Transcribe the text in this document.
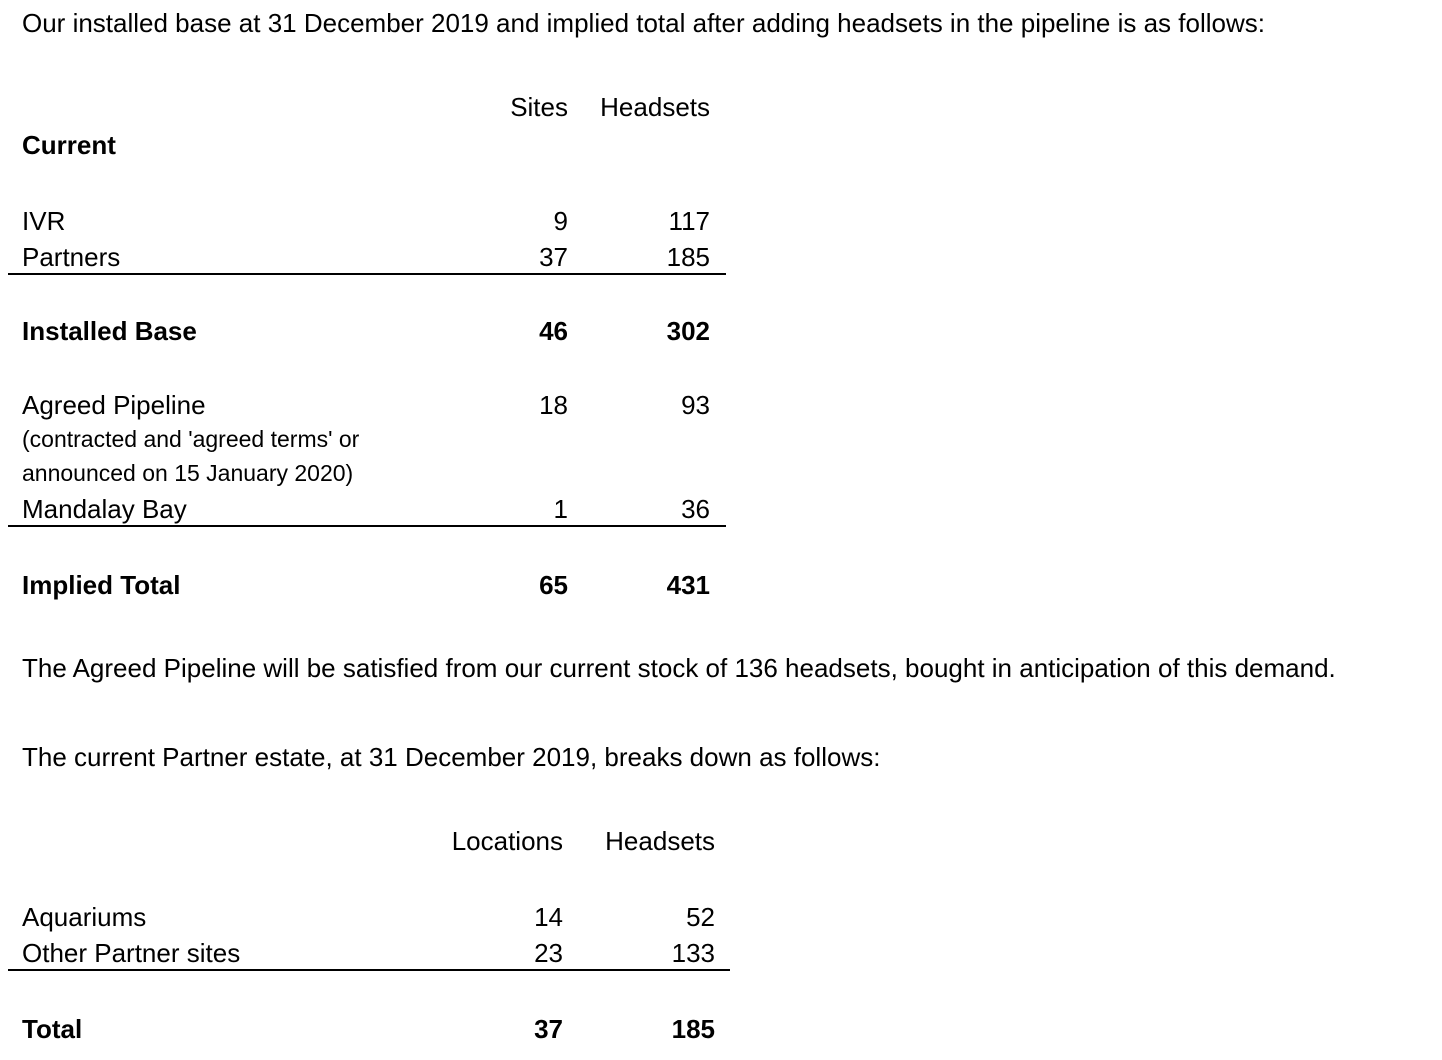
Our installed base at 31 December 2019 and implied total after adding headsets in the pipeline is as follows:
Sites	Headsets
Current
IVR	9	117
Partners	37	185
Installed Base	46	302
Agreed Pipeline	18	93
(contracted and 'agreed terms' or
announced on 15 January 2020)
Mandalay Bay	1	36
Implied Total	65	431
The Agreed Pipeline will be satisfied from our current stock of 136 headsets, bought in anticipation of this demand.
The current Partner estate, at 31 December 2019, breaks down as follows:
Locations	Headsets
Aquariums	14	52
Other Partner sites	23	133
Total	37	185
